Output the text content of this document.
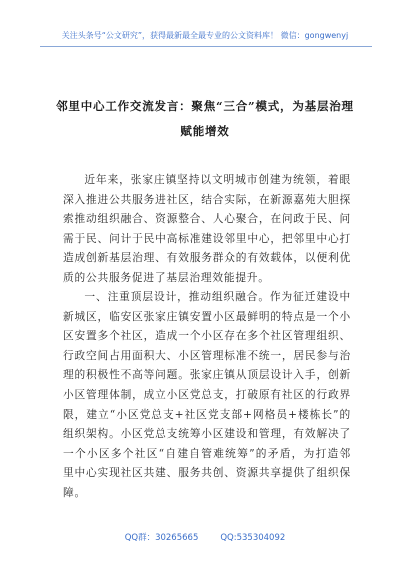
关注头条号“公文研究”，获得最新最全最专业的公文资料库！ 微信：gongwenyj
邻里中心工作交流发言：聚焦“三合”模式，为基层治理
赋能增效

近年来，张家庄镇坚持以文明城市创建为统领，着眼深入推进公共服务进社区，结合实际，在新源嘉苑大胆探索推动组织融合、资源整合、人心聚合，在问政于民、问需于民、问计于民中高标准建设邻里中心，把邻里中心打造成创新基层治理、有效服务群众的有效载体，以便利优质的公共服务促进了基层治理效能提升。

一、注重顶层设计，推动组织融合。作为征迁建设中新城区，临安区张家庄镇安置小区最鲜明的特点是一个小区安置多个社区，造成一个小区存在多个社区管理组织、行政空间占用面积大、小区管理标准不统一，居民参与治理的积极性不高等问题。张家庄镇从顶层设计入手，创新小区管理体制，成立小区党总支，打破原有社区的行政界限，建立“小区党总支+社区党支部+网格员+楼栋长”的组织架构。小区党总支统筹小区建设和管理，有效解决了一个小区多个社区“自建自管难统筹”的矛盾，为打造邻里中心实现社区共建、服务共创、资源共享提供了组织保障。

QQ群：30265665	QQ:535304092
